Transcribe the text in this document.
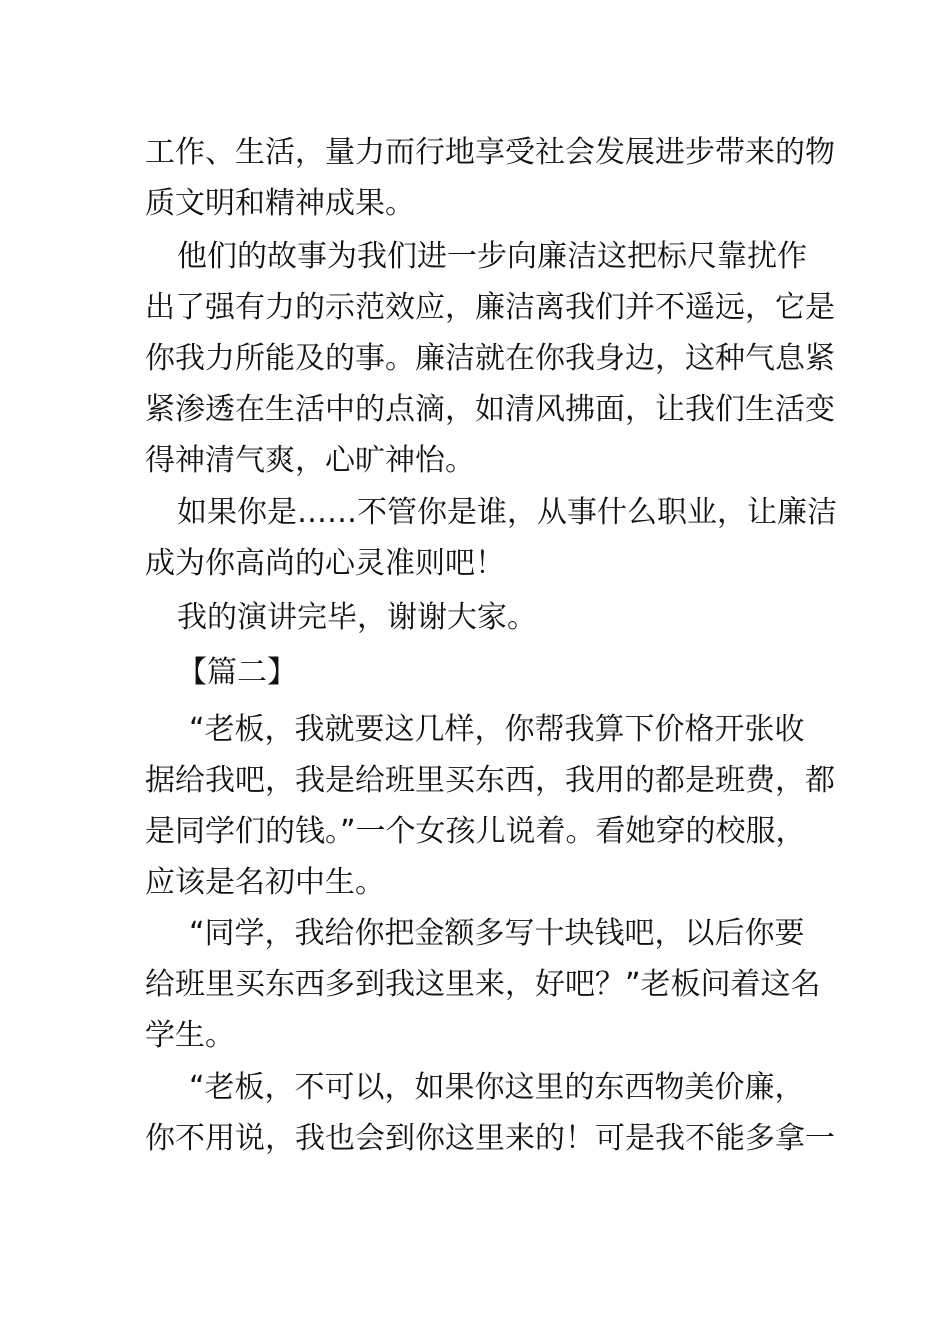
工作、生活，量力而行地享受社会发展进步带来的物
质文明和精神成果。
他们的故事为我们进一步向廉洁这把标尺靠扰作
出了强有力的示范效应，廉洁离我们并不遥远，它是
你我力所能及的事。廉洁就在你我身边，这种气息紧
紧渗透在生活中的点滴，如清风拂面，让我们生活变
得神清气爽，心旷神怡。
如果你是……不管你是谁，从事什么职业，让廉洁
成为你高尚的心灵准则吧！
我的演讲完毕，谢谢大家。
【篇二】
“老板，我就要这几样，你帮我算下价格开张收
据给我吧，我是给班里买东西，我用的都是班费，都
是同学们的钱。”一个女孩儿说着。看她穿的校服，
应该是名初中生。
“同学，我给你把金额多写十块钱吧，以后你要
给班里买东西多到我这里来，好吧？”老板问着这名
学生。
“老板，不可以，如果你这里的东西物美价廉，
你不用说，我也会到你这里来的！可是我不能多拿一
